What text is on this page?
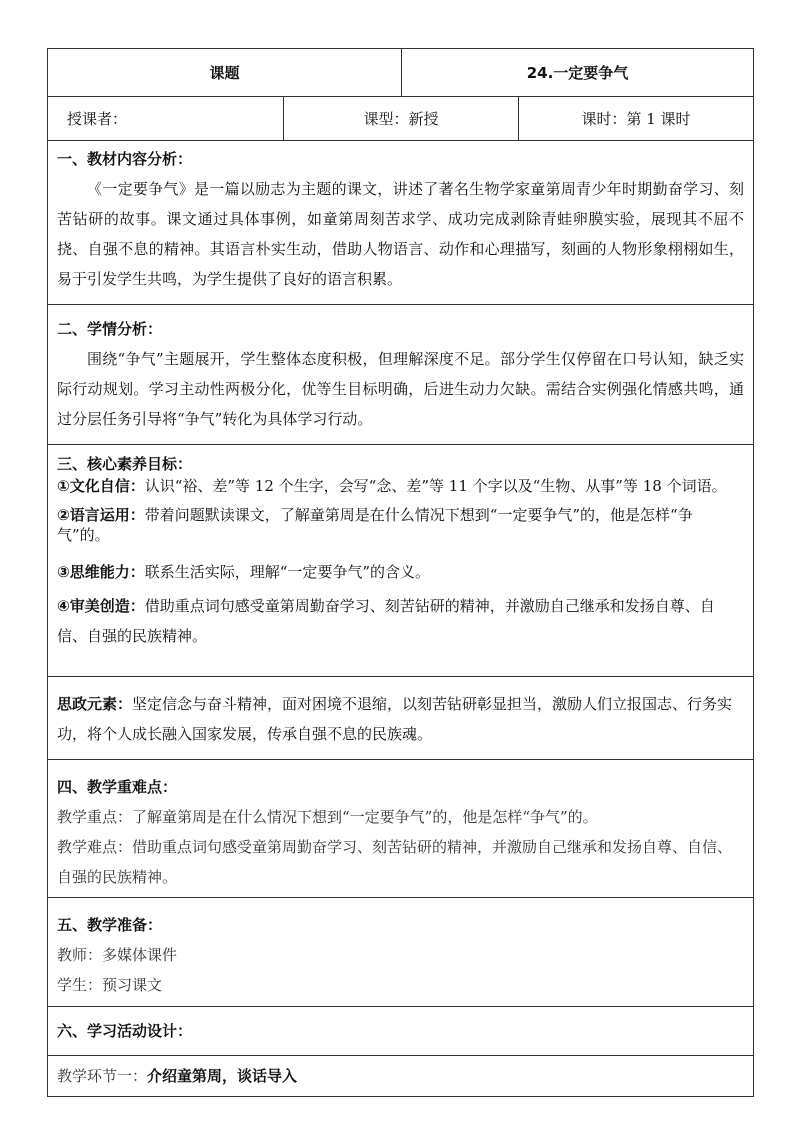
课题		24.一定要争气	
授课者：	课型：新授		课时：第 1 课时

一、教材内容分析：

《一定要争气》是一篇以励志为主题的课文，讲述了著名生物学家童第周青少年时期勤奋学习、刻苦钻研的故事。课文通过具体事例，如童第周刻苦求学、成功完成剥除青蛙卵膜实验，展现其不屈不挠、自强不息的精神。其语言朴实生动，借助人物语言、动作和心理描写，刻画的人物形象栩栩如生，易于引发学生共鸣，为学生提供了良好的语言积累。			

二、学情分析：

围绕“争气”主题展开，学生整体态度积极，但理解深度不足。部分学生仅停留在口号认知，缺乏实际行动规划。学习主动性两极分化，优等生目标明确，后进生动力欠缺。需结合实例强化情感共鸣，通过分层任务引导将“争气”转化为具体学习行动。			

三、核心素养目标：

①文化自信：认识“裕、差”等 12 个生字，会写“念、差”等 11 个字以及“生物、从事”等 18 个词语。

②语言运用：带着问题默读课文，了解童第周是在什么情况下想到“一定要争气”的，他是怎样“争气”的。

③思维能力：联系生活实际，理解“一定要争气”的含义。

④审美创造：借助重点词句感受童第周勤奋学习、刻苦钻研的精神，并激励自己继承和发扬自尊、自信、自强的民族精神。			

思政元素：坚定信念与奋斗精神，面对困境不退缩，以刻苦钻研彰显担当，激励人们立报国志、行务实功，将个人成长融入国家发展，传承自强不息的民族魂。			

四、教学重难点：

教学重点：了解童第周是在什么情况下想到“一定要争气”的，他是怎样“争气”的。

教学难点：借助重点词句感受童第周勤奋学习、刻苦钻研的精神，并激励自己继承和发扬自尊、自信、自强的民族精神。			

五、教学准备：

教师：多媒体课件

学生：预习课文			

六、学习活动设计：			

教学环节一：介绍童第周，谈话导入			
